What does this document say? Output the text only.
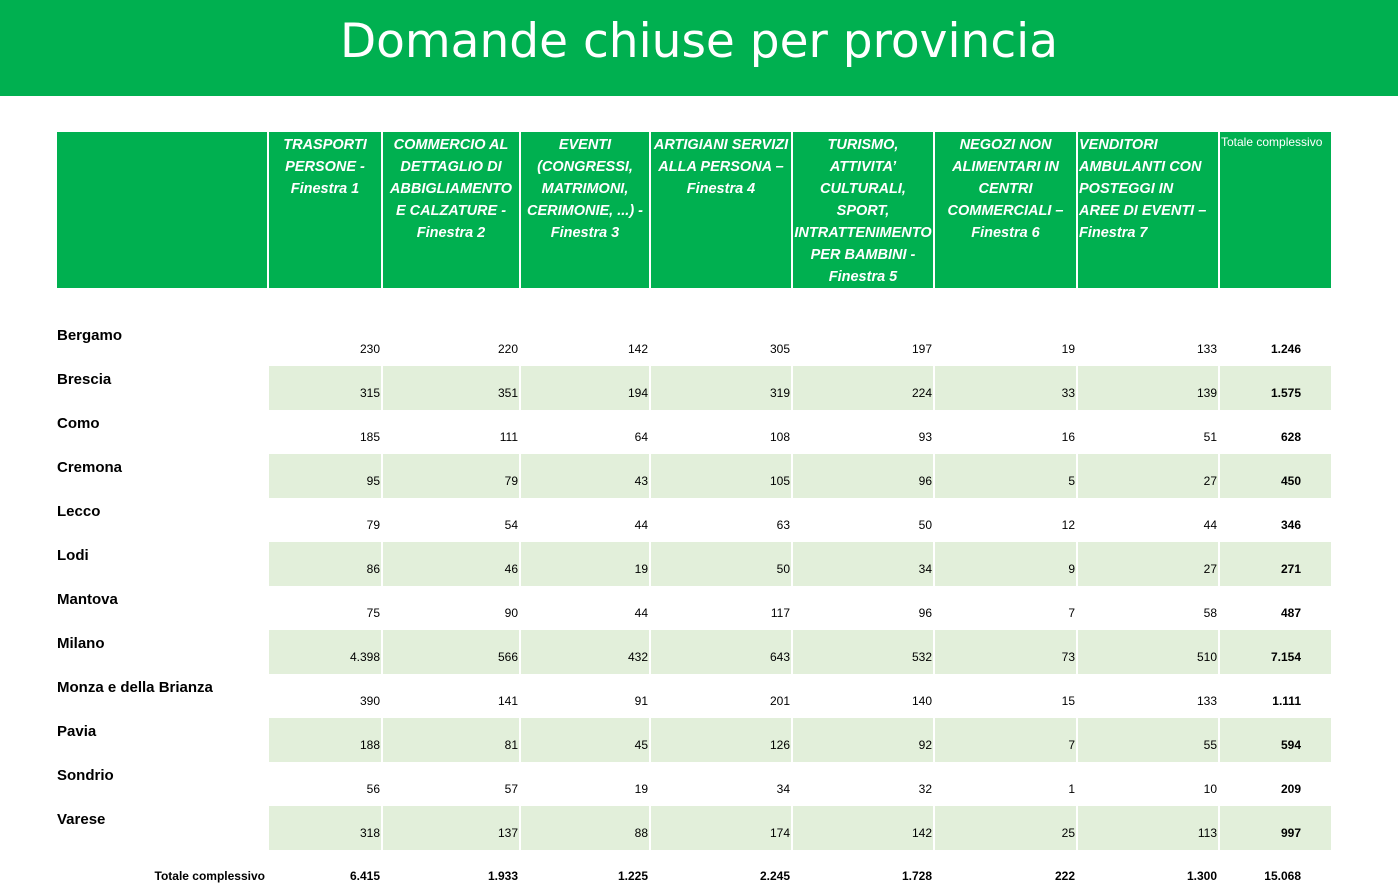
Domande chiuse per provincia
	TRASPORTI PERSONE - Finestra 1	COMMERCIO AL DETTAGLIO DI ABBIGLIAMENTO E CALZATURE - Finestra 2	EVENTI (CONGRESSI, MATRIMONI, CERIMONIE, ...) - Finestra 3	ARTIGIANI SERVIZI ALLA PERSONA – Finestra 4	TURISMO, ATTIVITA’ CULTURALI, SPORT, INTRATTENIMENTO PER BAMBINI - Finestra 5	NEGOZI NON ALIMENTARI IN CENTRI COMMERCIALI – Finestra 6	VENDITORI AMBULANTI CON POSTEGGI IN AREE DI EVENTI – Finestra 7	Totale complessivo

Bergamo	230	220	142	305	197	19	133	1.246
Brescia	315	351	194	319	224	33	139	1.575
Como	185	111	64	108	93	16	51	628
Cremona	95	79	43	105	96	5	27	450
Lecco	79	54	44	63	50	12	44	346
Lodi	86	46	19	50	34	9	27	271
Mantova	75	90	44	117	96	7	58	487
Milano	4.398	566	432	643	532	73	510	7.154
Monza e della Brianza	390	141	91	201	140	15	133	1.111
Pavia	188	81	45	126	92	7	55	594
Sondrio	56	57	19	34	32	1	10	209
Varese	318	137	88	174	142	25	113	997
Totale complessivo	6.415	1.933	1.225	2.245	1.728	222	1.300	15.068
